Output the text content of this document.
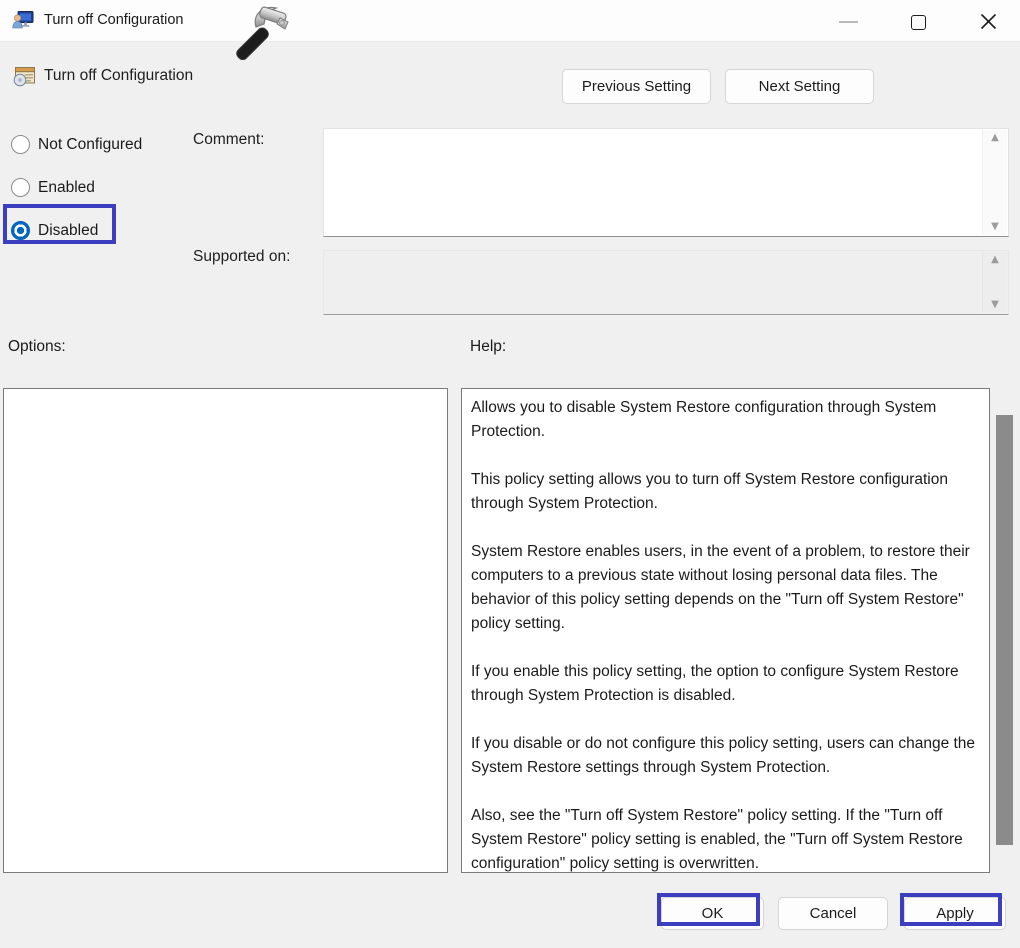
Turn off Configuration
Turn off Configuration
Previous Setting	Next Setting
Not Configured
Enabled
Disabled
Comment:	▲
▼
Supported on:	▲
▼
Options:	Help:

Allows you to disable System Restore configuration through System Protection.

This policy setting allows you to turn off System Restore configuration through System Protection.

System Restore enables users, in the event of a problem, to restore their computers to a previous state without losing personal data files. The behavior of this policy setting depends on the "Turn off System Restore" policy setting.

If you enable this policy setting, the option to configure System Restore through System Protection is disabled.

If you disable or do not configure this policy setting, users can change the System Restore settings through System Protection.

Also, see the "Turn off System Restore" policy setting. If the "Turn off System Restore" policy setting is enabled, the "Turn off System Restore configuration" policy setting is overwritten.

OK	Cancel	Apply
